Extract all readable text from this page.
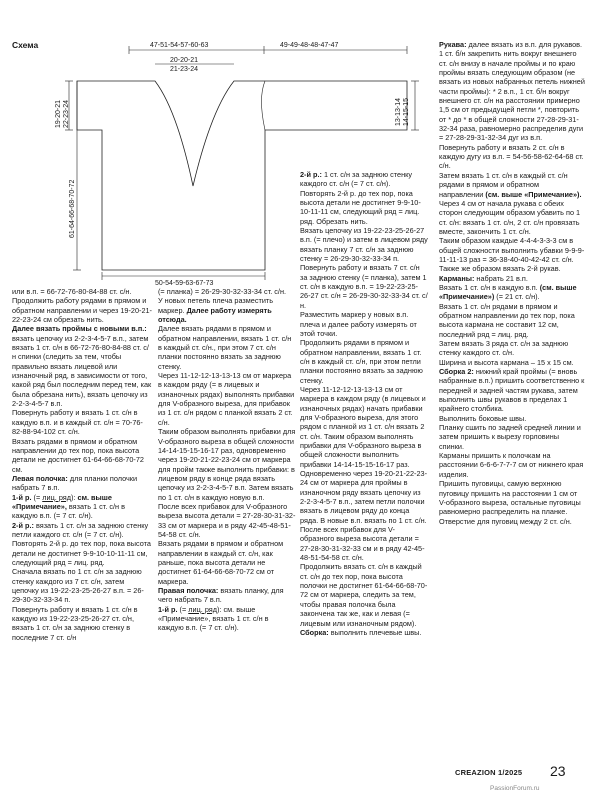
Схема	47-51-54-57-60-63	49-49-48-48-47-47
20-20-21
21-23-24
19-20-21 22-23-24
61-64-66-68-70-72
13-13-14 14-15-15
50-54-59-63-67-73

или в.п. = 66-72-76-80-84-88 ст. с/н.

Продолжить работу рядами в прямом и обратном направлении и через 19-20-21-22-23-24 см обрезать нить.

Далее вязать проймы с новыми в.п.: вязать цепочку из 2-2-3-4-5-7 в.п., затем вязать 1 ст. с/н в 66-72-76-80-84-88 ст. с/н спинки (следить за тем, чтобы правильно вязать лицевой или изнаночный ряд, в зависимости от того, какой ряд был последним перед тем, как была обрезана нить), вязать цепочку из 2-2-3-4-5-7 в.п.

Повернуть работу и вязать 1 ст. с/н в каждую в.п. и в каждый ст. с/н = 70-76-82-88-94-102 ст. с/н.

Вязать рядами в прямом и обратном направлении до тех пор, пока высота детали не достигнет 61-64-66-68-70-72 см.

Левая полочка: для планки полочки набрать 7 в.п.

1-й р. (= лиц. ряд): см. выше «Примечание», вязать 1 ст. с/н в каждую в.п. (= 7 ст. с/н).

2-й р.: вязать 1 ст. с/н за заднюю стенку петли каждого ст. с/н (= 7 ст. с/н).

Повторять 2-й р. до тех пор, пока высота детали не достигнет 9-9-10-10-11-11 см, следующий ряд = лиц. ряд.

Сначала вязать по 1 ст. с/н за заднюю стенку каждого из 7 ст. с/н, затем цепочку из 19-22-23-25-26-27 в.п. = 26-29-30-32-33-34 п.

Повернуть работу и вязать 1 ст. с/н в каждую из 19-22-23-25-26-27 ст. с/н, вязать 1 ст. с/н за заднюю стенку в последние 7 ст. с/н

(= планка) = 26-29-30-32-33-34 ст. с/н.

У новых петель плеча разместить маркер. Далее работу измерять отсюда.

Далее вязать рядами в прямом и обратном направлении, вязать 1 ст. с/н в каждый ст. с/н., при этом 7 ст. с/н планки постоянно вязать за заднюю стенку.

Через 11-12-12-13-13-13 см от маркера в каждом ряду (= в лицевых и изнаночных рядах) выполнять прибавки для V-образного выреза, для прибавок из 1 ст. с/н рядом с планкой вязать 2 ст. с/н.

Таким образом выполнять прибавки для V-образного выреза в общей сложности 14-14-15-15-16-17 раз, одновременно через 19-20-21-22-23-24 см от маркера для пройм также выполнить прибавки: в лицевом ряду в конце ряда вязать цепочку из 2-2-3-4-5-7 в.п. Затем вязать по 1 ст. с/н в каждую новую в.п.

После всех прибавок для V-образного выреза высота детали = 27-28-30-31-32-33 см от маркера и в ряду 42-45-48-51-54-58 ст. с/н.

Вязать рядами в прямом и обратном направлении в каждый ст. с/н, как раньше, пока высота детали не достигнет 61-64-66-68-70-72 см от маркера.

Правая полочка: вязать планку, для чего набрать 7 в.п.

1-й р. (= лиц. ряд): см. выше «Примечание», вязать 1 ст. с/н в каждую в.п. (= 7 ст. с/н).

2-й р.: 1 ст. с/н за заднюю стенку каждого ст. с/н (= 7 ст. с/н).

Повторять 2-й р. до тех пор, пока высота детали не достигнет 9-9-10-10-11-11 см, следующий ряд = лиц. ряд. Обрезать нить.

Вязать цепочку из 19-22-23-25-26-27 в.п. (= плечо) и затем в лицевом ряду вязать планку 7 ст. с/н за заднюю стенку = 26-29-30-32-33-34 п.

Повернуть работу и вязать 7 ст. с/н за заднюю стенку (= планка), затем 1 ст. с/н в каждую в.п. = 19-22-23-25-26-27 ст. с/н = 26-29-30-32-33-34 ст. с/н.

Разместить маркер у новых в.п. плеча и далее работу измерять от этой точки.

Продолжить рядами в прямом и обратном направлении, вязать 1 ст. с/н в каждый ст. с/н, при этом петли планки постоянно вязать за заднюю стенку.

Через 11-12-12-13-13-13 см от маркера в каждом ряду (в лицевых и изнаночных рядах) начать прибавки для V-образного выреза, для этого рядом с планкой из 1 ст. с/н вязать 2 ст. с/н. Таким образом выполнять прибавки для V-образного выреза в общей сложности выполнить прибавки 14-14-15-15-16-17 раз. Одновременно через 19-20-21-22-23-24 см от маркера для проймы в изнаночном ряду вязать цепочку из 2-2-3-4-5-7 в.п., затем петли полочки вязать в лицевом ряду до конца ряда. В новые в.п. вязать по 1 ст. с/н. После всех прибавок для V-образного выреза высота детали = 27-28-30-31-32-33 см и в ряду 42-45-48-51-54-58 ст. с/н.

Продолжить вязать ст. с/н в каждый ст. с/н до тех пор, пока высота полочки не достигнет 61-64-66-68-70-72 см от маркера, следить за тем, чтобы правая полочка была закончена так же, как и левая (= лицевым или изнаночным рядом).

Сборка: выполнить плечевые швы.

Рукава: далее вязать из в.п. для рукавов.

1 ст. б/н закрепить нить вокруг внешнего ст. с/н внизу в начале проймы и по краю проймы вязать следующим образом (не вязать из новых набранных петель нижней части проймы): * 2 в.п., 1 ст. б/н вокруг внешнего ст. с/н на расстоянии примерно 1,5 см от предыдущей петли *, повторить от * до * в общей сложности 27-28-29-31-32-34 раза, равномерно распределив дуги = 27-28-29-31-32-34 дуг из в.п.

Повернуть работу и вязать 2 ст. с/н в каждую дугу из в.п. = 54-56-58-62-64-68 ст. с/н.

Затем вязать 1 ст. с/н в каждый ст. с/н рядами в прямом и обратном направлении (см. выше «Примечание»).

Через 4 см от начала рукава с обеих сторон следующим образом убавить по 1 ст. с/н: вязать 1 ст. с/н, 2 ст. с/н провязать вместе, закончить 1 ст. с/н.

Таким образом каждые 4-4-4-3-3-3 см в общей сложности выполнить убавки 9-9-9-11-11-13 раз = 36-38-40-40-42-42 ст. с/н.

Также же образом вязать 2-й рукав.

Карманы: набрать 21 в.п.

Вязать 1 ст. с/н в каждую в.п. (см. выше «Примечание») (= 21 ст. с/н).

Вязать 1 ст. с/н рядами в прямом и обратном направлении до тех пор, пока высота кармана не составит 12 см, последний ряд = лиц. ряд.

Затем вязать 3 ряда ст. с/н за заднюю стенку каждого ст. с/н.

Ширина и высота кармана – 15 х 15 см.

Сборка 2: нижний край проймы (= вновь набранные в.п.) пришить соответственно к передней и задней частям рукава, затем выполнить швы рукавов в пределах 1 крайнего столбика.

Выполнить боковые швы.

Планку сшить по задней средней линии и затем пришить к вырезу горловины спинки.

Карманы пришить к полочкам на расстоянии 6-6-6-7-7-7 см от нижнего края изделия.

Пришить пуговицы, самую верхнюю пуговицу пришить на расстоянии 1 см от V-образного выреза, остальные пуговицы равномерно распределить на планке. Отверстие для пуговиц между 2 ст. с/н.

CREAZION 1/2025 23
PassionForum.ru
